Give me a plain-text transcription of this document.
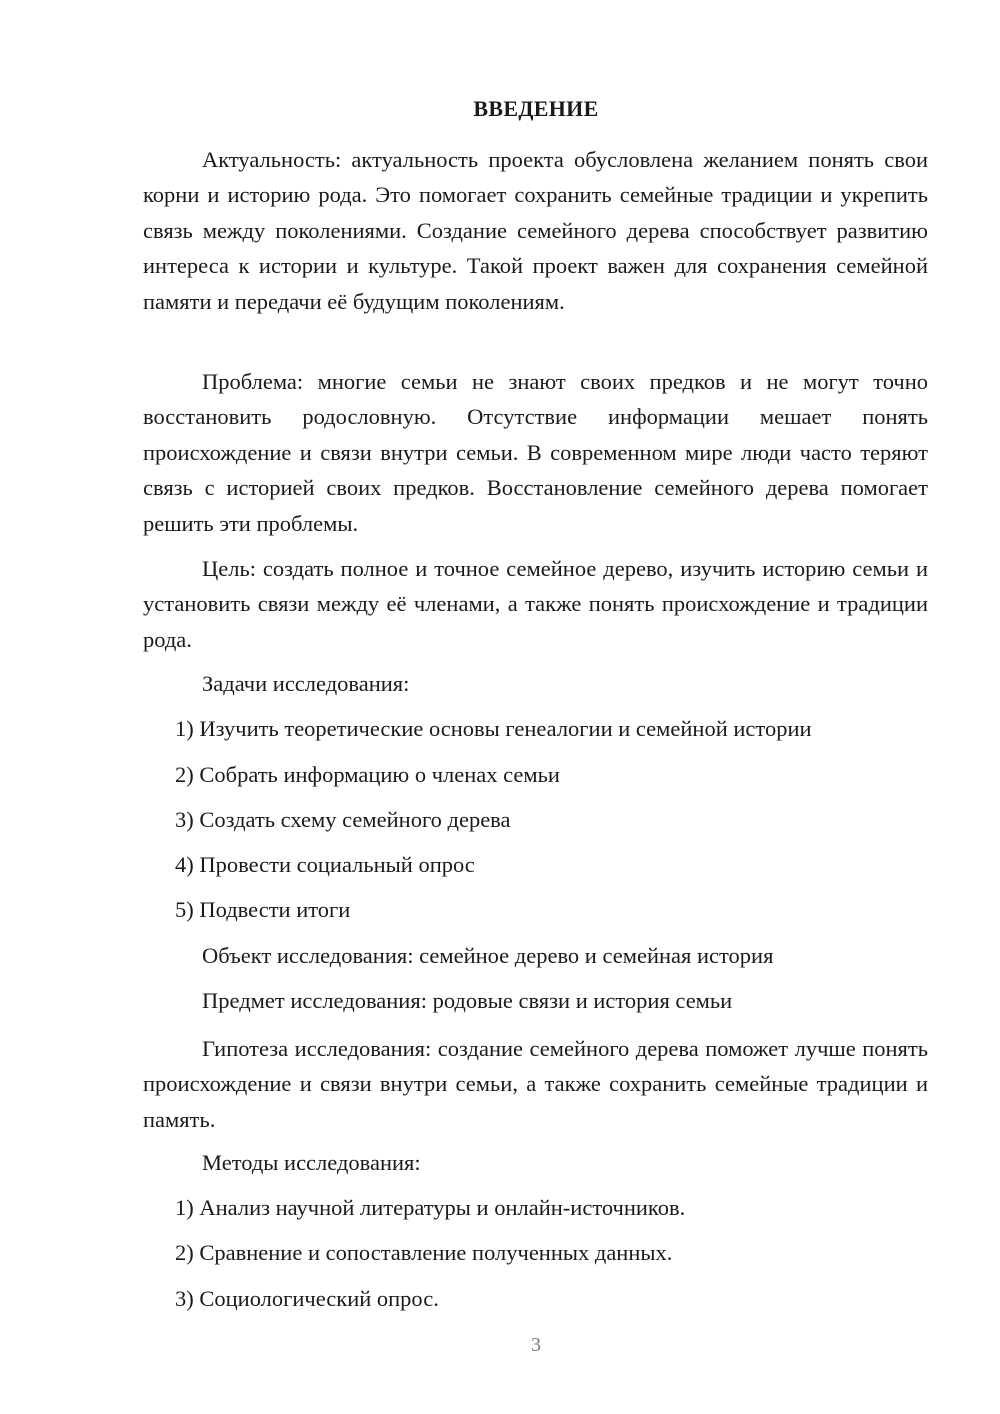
ВВЕДЕНИЕ

Актуальность: актуальность проекта обусловлена желанием понять свои корни и историю рода. Это помогает сохранить семейные традиции и укрепить связь между поколениями. Создание семейного дерева способствует развитию интереса к истории и культуре. Такой проект важен для сохранения семейной памяти и передачи её будущим поколениям.

Проблема: многие семьи не знают своих предков и не могут точно восстановить родословную. Отсутствие информации мешает понять происхождение и связи внутри семьи. В современном мире люди часто теряют связь с историей своих предков. Восстановление семейного дерева помогает решить эти проблемы.

Цель: создать полное и точное семейное дерево, изучить историю семьи и установить связи между её членами, а также понять происхождение и традиции рода.

Задачи исследования:

1) Изучить теоретические основы генеалогии и семейной истории

2) Собрать информацию о членах семьи

3) Создать схему семейного дерева

4) Провести социальный опрос

5) Подвести итоги

Объект исследования: семейное дерево и семейная история

Предмет исследования: родовые связи и история семьи

Гипотеза исследования: создание семейного дерева поможет лучше понять происхождение и связи внутри семьи, а также сохранить семейные традиции и память.

Методы исследования:

1) Анализ научной литературы и онлайн-источников.

2) Сравнение и сопоставление полученных данных.

3) Социологический опрос.

3
